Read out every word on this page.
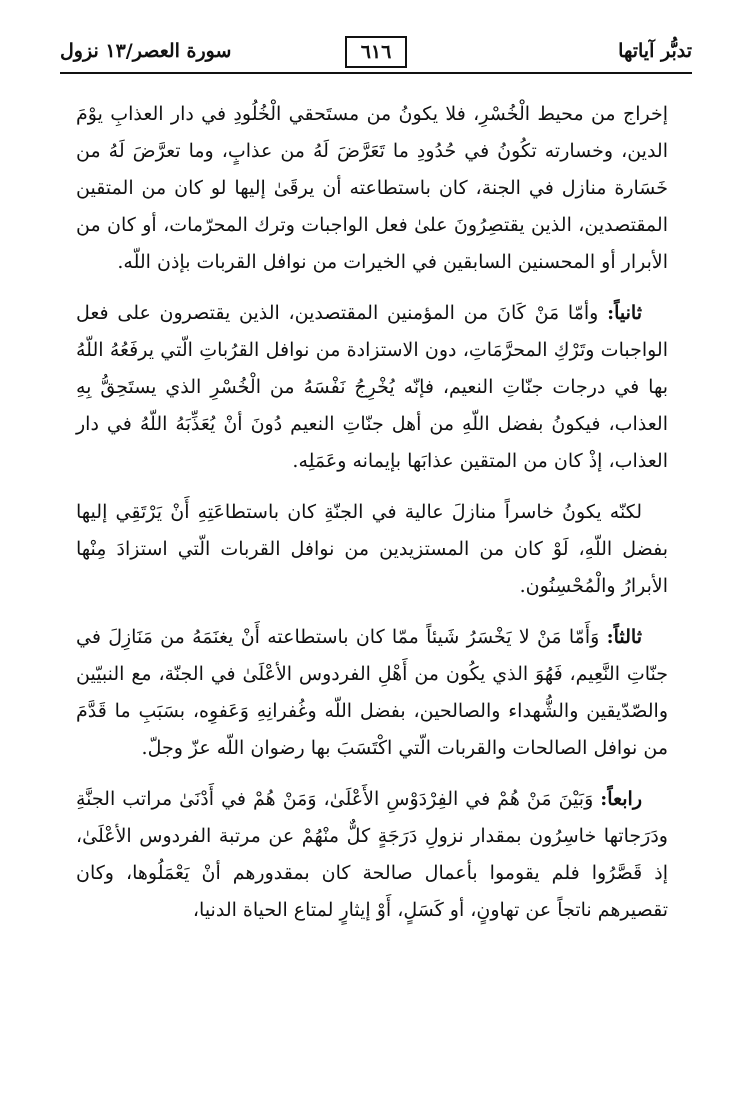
تدبُّر آياتها
٦١٦
سورة العصر/١٣ نزول

إخراج من محيط الْخُسْرِ، فلا يكونُ من مستَحقي الْخُلُودِ في دار العذابِ يوْمَ الدين، وخسارته تكُونُ في حُدُودِ ما تَعَرَّضَ لَهُ من عذابٍ، وما تعرَّضَ لَهُ من خَسَارة منازل في الجنة، كان باستطاعته أن يرقَىٰ إليها لو كان من المتقين المقتصدين، الذين يقتصِرُونَ علىٰ فعل الواجبات وترك المحرّمات، أو كان من الأبرار أو المحسنين السابقين في الخيرات من نوافل القربات بإذن اللّه.

ثانياً: وأمّا مَنْ كَانَ من المؤمنين المقتصدين، الذين يقتصرون على فعل الواجبات وتَرْكِ المحرَّمَاتِ، دون الاستزادة من نوافل القرُباتِ الّتي يرفَعُهُ اللّهُ بها في درجات جنّاتِ النعيم، فإنّه يُخْرِجُ نَفْسَهُ من الْخُسْرِ الذي يستَحِقُّ بِهِ العذاب، فيكونُ بفضل اللّهِ من أهل جنّاتِ النعيم دُونَ أنْ يُعَذِّبَهُ اللّهُ في دار العذاب، إذْ كان من المتقين عذابَها بإيمانه وعَمَلِه.

لكنّه يكونُ خاسراً منازلَ عالية في الجنّةِ كان باستطاعَتِهِ أَنْ يَرْتَقِي إليها بفضل اللّهِ، لَوْ كان من المستزيدين من نوافل القربات الّتي استزادَ مِنْها الأبرارُ والْمُحْسِنُون.

ثالثاً: وَأَمّا مَنْ لا يَخْسَرُ شَيئاً ممّا كان باستطاعته أَنْ يغنَمَهُ من مَنَازِلَ في جنّاتِ النَّعِيم، فَهُوَ الذي يكُون من أَهْلِ الفردوس الأعْلَىٰ في الجنّة، مع النبيّين والصّدّيقين والشُّهداء والصالحين، بفضل اللّه وغُفرانِهِ وَعَفوِه، بسَبَبِ ما قَدَّمَ من نوافل الصالحات والقربات الّتي اكْتَسَبَ بها رضوان اللّه عزّ وجلّ.

رابعاً: وَبَيْنَ مَنْ هُمْ في الفِرْدَوْسِ الأَعْلَىٰ، وَمَنْ هُمْ في أَدْنَىٰ مراتب الجنَّةِ ودَرَجاتها خاسِرُون بمقدار نزولِ دَرَجَةٍ كلٌّ منْهُمْ عن مرتبة الفردوس الأعْلَىٰ، إذ قَصَّرُوا فلم يقوموا بأعمال صالحة كان بمقدورهم أنْ يَعْمَلُوها، وكان تقصيرهم ناتجاً عن تهاونٍ، أو كَسَلٍ، أَوْ إيثارٍ لمتاع الحياة الدنيا،
